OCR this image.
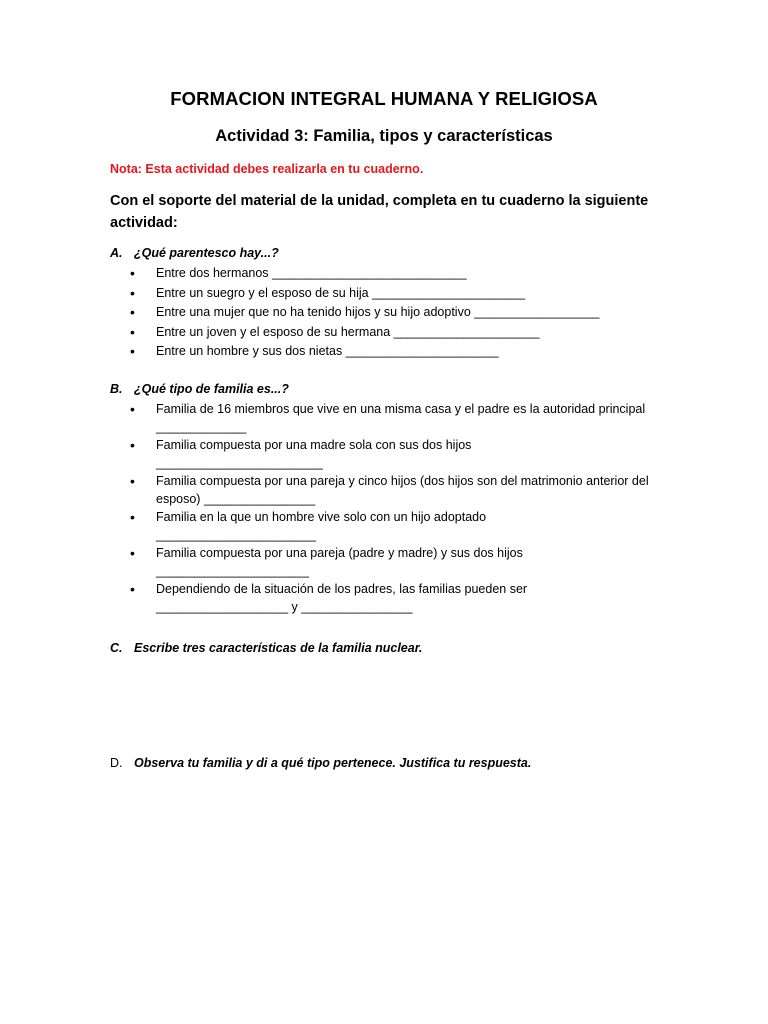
FORMACION INTEGRAL HUMANA Y RELIGIOSA
Actividad 3: Familia, tipos y características
Nota: Esta actividad debes realizarla en tu cuaderno.
Con el soporte del material de la unidad, completa en tu cuaderno la siguiente actividad:
A. ¿Qué parentesco hay...?
• Entre dos hermanos ____________________________
• Entre un suegro y el esposo de su hija ______________________
• Entre una mujer que no ha tenido hijos y su hijo adoptivo __________________
• Entre un joven y el esposo de su hermana _____________________
• Entre un hombre y sus dos nietas ______________________
B. ¿Qué tipo de familia es...?
• Familia de 16 miembros que vive en una misma casa y el padre es la autoridad principal _____________
• Familia compuesta por una madre sola con sus dos hijos
________________________
• Familia compuesta por una pareja y cinco hijos (dos hijos son del matrimonio anterior del esposo) ________________
• Familia en la que un hombre vive solo con un hijo adoptado
_______________________
• Familia compuesta por una pareja (padre y madre) y sus dos hijos
______________________
• Dependiendo de la situación de los padres, las familias pueden ser
___________________ y ________________
C. Escribe tres características de la familia nuclear.
D. Observa tu familia y di a qué tipo pertenece. Justifica tu respuesta.
